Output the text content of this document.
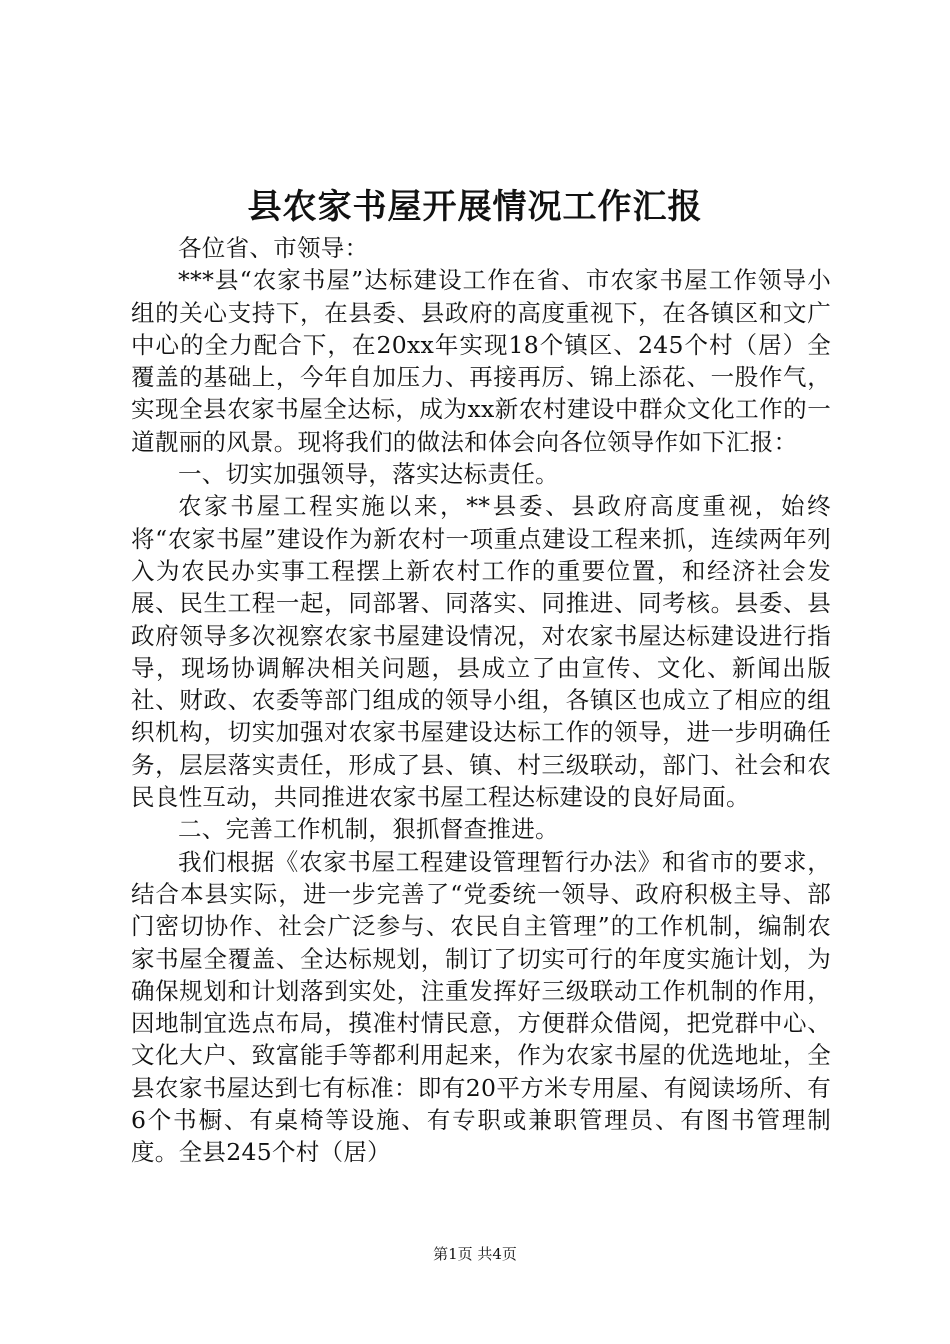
县农家书屋开展情况工作汇报

各位省、市领导：

***县“农家书屋”达标建设工作在省、市农家书屋工作领导小组的关心支持下，在县委、县政府的高度重视下，在各镇区和文广中心的全力配合下，在20xx年实现18个镇区、245个村（居）全覆盖的基础上，今年自加压力、再接再厉、锦上添花、一股作气，实现全县农家书屋全达标，成为xx新农村建设中群众文化工作的一道靓丽的风景。现将我们的做法和体会向各位领导作如下汇报：

一、切实加强领导，落实达标责任。

农家书屋工程实施以来，**县委、县政府高度重视，始终将“农家书屋”建设作为新农村一项重点建设工程来抓，连续两年列入为农民办实事工程摆上新农村工作的重要位置，和经济社会发展、民生工程一起，同部署、同落实、同推进、同考核。县委、县政府领导多次视察农家书屋建设情况，对农家书屋达标建设进行指导，现场协调解决相关问题，县成立了由宣传、文化、新闻出版社、财政、农委等部门组成的领导小组，各镇区也成立了相应的组织机构，切实加强对农家书屋建设达标工作的领导，进一步明确任务，层层落实责任，形成了县、镇、村三级联动，部门、社会和农民良性互动，共同推进农家书屋工程达标建设的良好局面。

二、完善工作机制，狠抓督查推进。

我们根据《农家书屋工程建设管理暂行办法》和省市的要求，结合本县实际，进一步完善了“党委统一领导、政府积极主导、部门密切协作、社会广泛参与、农民自主管理”的工作机制，编制农家书屋全覆盖、全达标规划，制订了切实可行的年度实施计划，为确保规划和计划落到实处，注重发挥好三级联动工作机制的作用，因地制宜选点布局，摸准村情民意，方便群众借阅，把党群中心、文化大户、致富能手等都利用起来，作为农家书屋的优选地址，全县农家书屋达到七有标准：即有20平方米专用屋、有阅读场所、有6个书橱、有桌椅等设施、有专职或兼职管理员、有图书管理制度。全县245个村（居）

第1页 共4页
